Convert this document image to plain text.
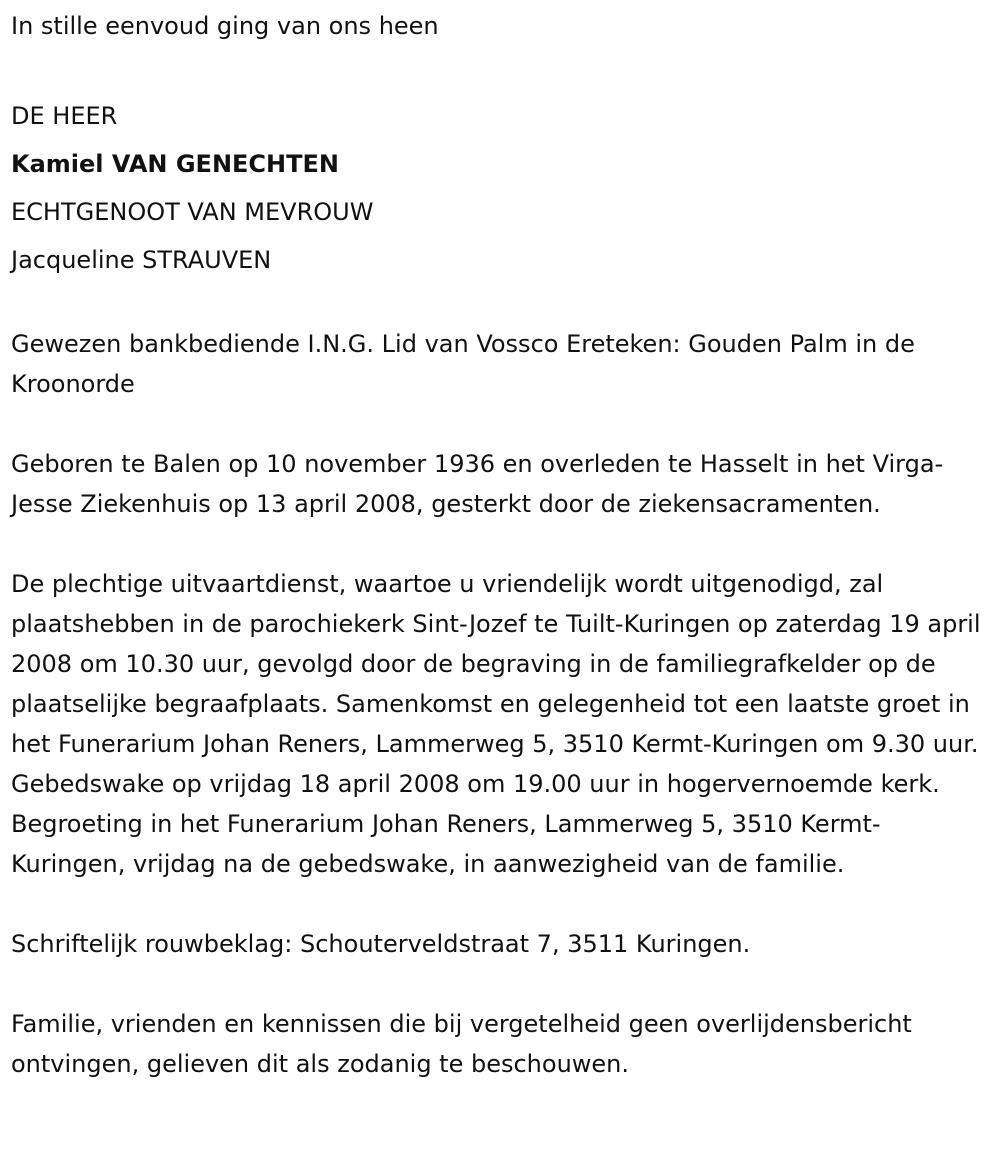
In stille eenvoud ging van ons heen

DE HEER

Kamiel VAN GENECHTEN

ECHTGENOOT VAN MEVROUW

Jacqueline STRAUVEN

Gewezen bankbediende I.N.G. Lid van Vossco Ereteken: Gouden Palm in de Kroonorde

Geboren te Balen op 10 november 1936 en overleden te Hasselt in het Virga-Jesse Ziekenhuis op 13 april 2008, gesterkt door de ziekensacramenten.

De plechtige uitvaartdienst, waartoe u vriendelijk wordt uitgenodigd, zal plaatshebben in de parochiekerk Sint-Jozef te Tuilt-Kuringen op zaterdag 19 april 2008 om 10.30 uur, gevolgd door de begraving in de familiegrafkelder op de plaatselijke begraafplaats. Samenkomst en gelegenheid tot een laatste groet in het Funerarium Johan Reners, Lammerweg 5, 3510 Kermt-Kuringen om 9.30 uur. Gebedswake op vrijdag 18 april 2008 om 19.00 uur in hogervernoemde kerk. Begroeting in het Funerarium Johan Reners, Lammerweg 5, 3510 Kermt-Kuringen, vrijdag na de gebedswake, in aanwezigheid van de familie.

Schriftelijk rouwbeklag: Schouterveldstraat 7, 3511 Kuringen.

Familie, vrienden en kennissen die bij vergetelheid geen overlijdensbericht ontvingen, gelieven dit als zodanig te beschouwen.
